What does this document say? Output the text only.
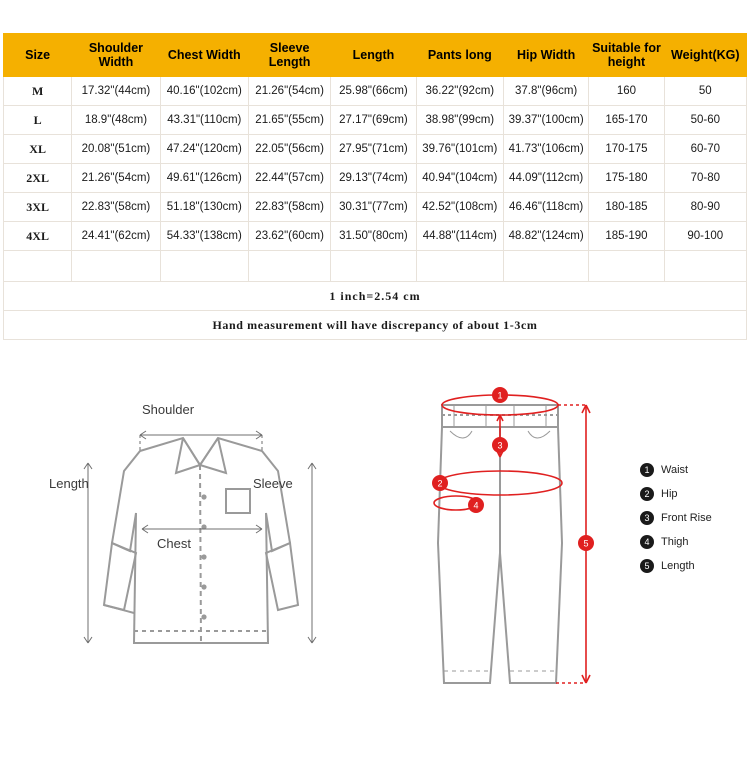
Size	Shoulder Width	Chest Width	Sleeve Length	Length	Pants long	Hip Width	Suitable for height	Weight(KG)
M	17.32"(44cm)	40.16"(102cm)	21.26"(54cm)	25.98"(66cm)	36.22"(92cm)	37.8"(96cm)	160	50
L	18.9"(48cm)	43.31"(110cm)	21.65"(55cm)	27.17"(69cm)	38.98"(99cm)	39.37"(100cm)	165-170	50-60
XL	20.08"(51cm)	47.24"(120cm)	22.05"(56cm)	27.95"(71cm)	39.76"(101cm)	41.73"(106cm)	170-175	60-70
2XL	21.26"(54cm)	49.61"(126cm)	22.44"(57cm)	29.13"(74cm)	40.94"(104cm)	44.09"(112cm)	175-180	70-80
3XL	22.83"(58cm)	51.18"(130cm)	22.83"(58cm)	30.31"(77cm)	42.52"(108cm)	46.46"(118cm)	180-185	80-90
4XL	24.41"(62cm)	54.33"(138cm)	23.62"(60cm)	31.50"(80cm)	44.88"(114cm)	48.82"(124cm)	185-190	90-100

1 inch=2.54 cm								
Hand measurement will have discrepancy of about 1-3cm								
Shoulder
Length	Sleeve
Chest
1
3
2
4
5
1	Waist
2	Hip
3	Front Rise
4	Thigh
5	Length
